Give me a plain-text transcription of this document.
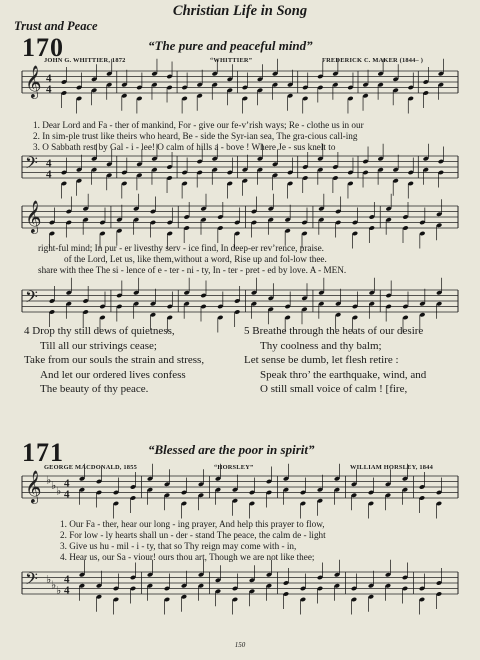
Christian Life in Song
Trust and Peace
170	“The pure and peaceful mind”
JOHN G. WHITTIER, 1872	“WHITTIER”	FREDERICK C. MAKER (1844– )
𝄞 4
4
𝄢 4
4
1. Dear Lord and Fa - ther of mankind, For - give our fe-v’rish ways; Re - clothe us in our
2. In sim-ple trust like theirs who heard, Be - side the Syr-ian sea, The gra-cious call-ing
3. O Sabbath rest by Gal - i - lee! O calm of hills a - bove ! Where Je - sus knelt to
𝄞
𝄢
right-ful mind; In pur - er livesthy serv - ice find, In deep-er rev’rence, praise.
of the Lord, Let us, like them,without a word, Rise up and fol-low thee.
share with thee The si - lence of e - ter - ni - ty, In - ter - pret - ed by love. A - MEN.
4 Drop thy still dews of quietness,
Till all our strivings cease;
Take from our souls the strain and stress,
And let our ordered lives confess
The beauty of thy peace.
5 Breathe through the heats of our desire
Thy coolness and thy balm;
Let sense be dumb, let flesh retire :
Speak thro’ the earthquake, wind, and
O still small voice of calm ! [fire,
171	“Blessed are the poor in spirit”
GEORGE MACDONALD, 1855	“HORSLEY”	WILLIAM HORSLEY, 1844
𝄞 ♭ ♭ ♭
4
4
𝄢 ♭ ♭ ♭
4
4
1. Our Fa - ther, hear our long - ing prayer, And help this prayer to flow,
2. For low - ly hearts shall un - der - stand The peace, the calm de - light
3. Give us hu - mil - i - ty, that so Thy reign may come with - in,
4. Hear us, our Sa - viour! ours thou art, Though we are not like thee;
150
